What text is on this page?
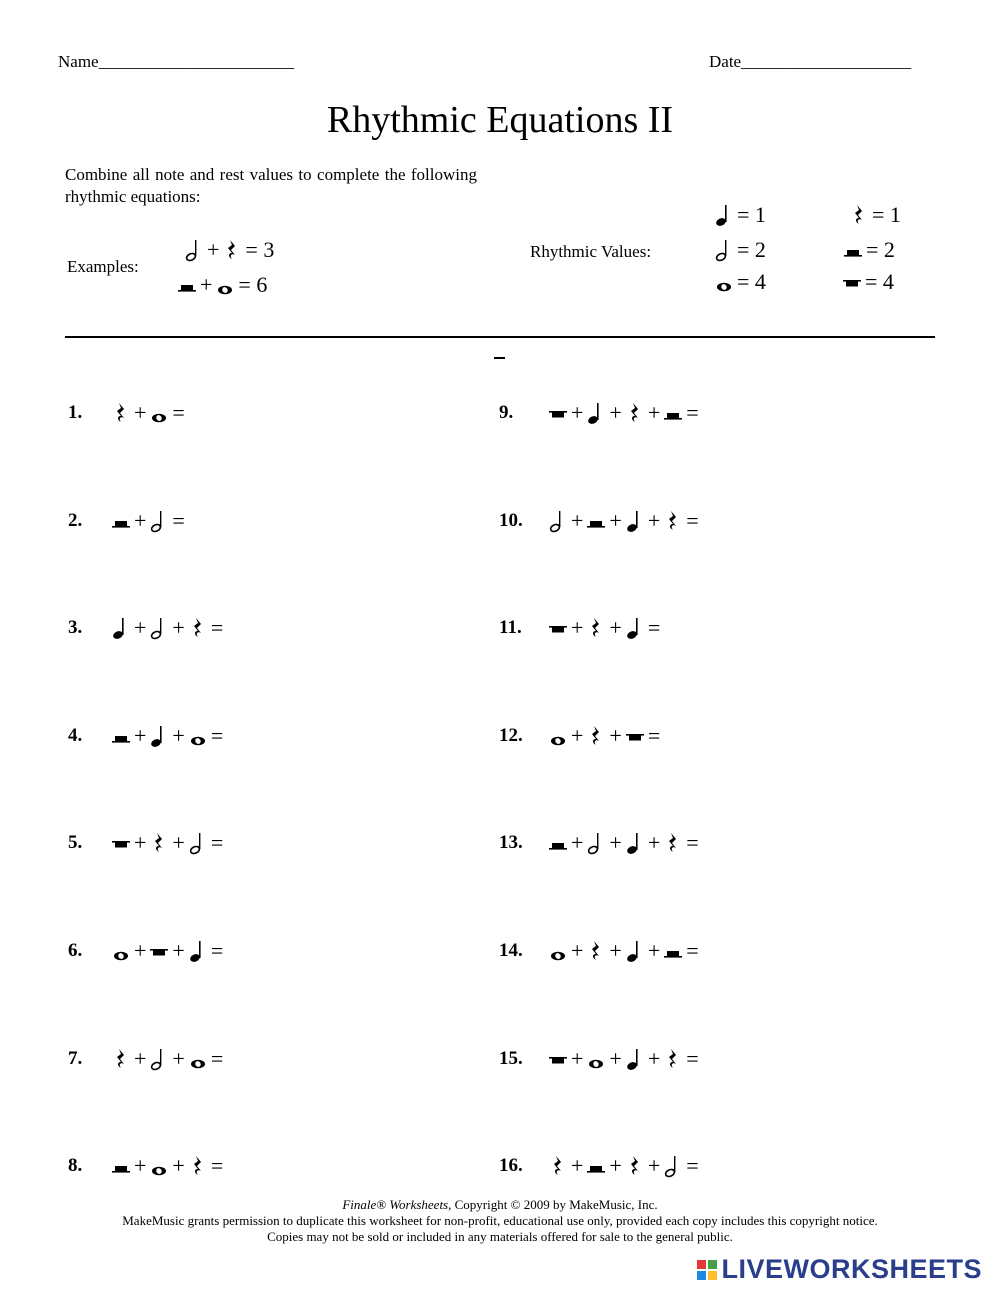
Name_______________________	Date____________________
Rhythmic Equations II
Combine all note and rest values to complete the following rhythmic equations:
Examples:
+ = 3
+ = 6
Rhythmic Values:
= 1	= 1
= 2	= 2
= 4	= 4
1.	+ =
2.	+ =
3.	+ + =
4.	+ + =
5.	+ + =
6.	+ + =
7.	+ + =
8.	+ + =
9.	+ + + =
10.	+ + + =
11.	+ + =
12.	+ + =
13.	+ + + =
14.	+ + + =
15.	+ + + =
16.	+ + + =
Finale® Worksheets, Copyright © 2009 by MakeMusic, Inc.
MakeMusic grants permission to duplicate this worksheet for non-profit, educational use only, provided each copy includes this copyright notice.
Copies may not be sold or included in any materials offered for sale to the general public.
LIVEWORKSHEETS
